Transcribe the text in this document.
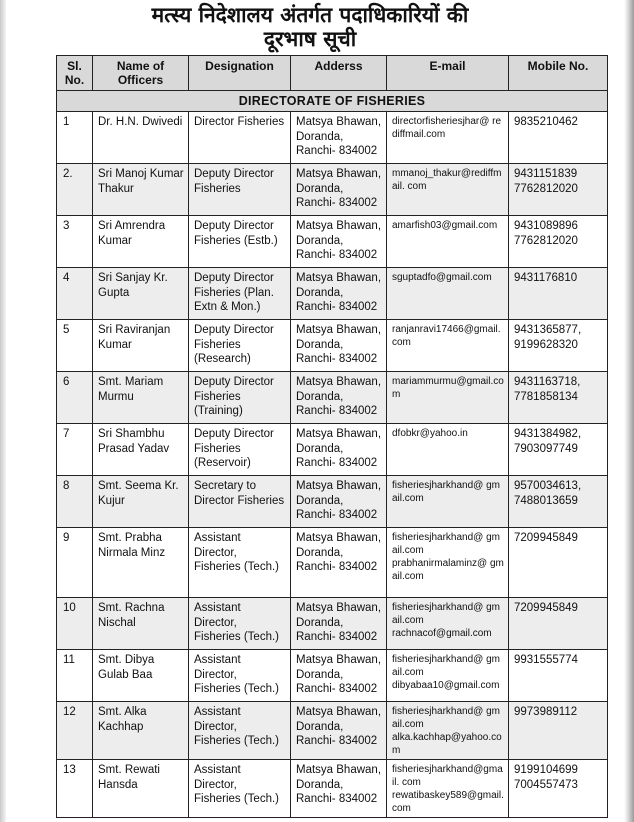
मत्स्य निदेशालय अंतर्गत पदाधिकारियों की
दूरभाष सूची
Sl. No.	Name of Officers	Designation	Adderss	E-mail	Mobile No.
DIRECTORATE OF FISHERIES					
1	Dr. H.N. Dwivedi	Director Fisheries	Matsya Bhawan, Doranda, Ranchi- 834002	directorfisheriesjhar@ rediffmail.com	9835210462

2.	Sri Manoj Kumar Thakur	Deputy Director Fisheries	Matsya Bhawan, Doranda, Ranchi- 834002	mmanoj_thakur@rediffmail. com	9431151839
7762812020

3	Sri Amrendra Kumar	Deputy Director Fisheries (Estb.)	Matsya Bhawan, Doranda, Ranchi- 834002	amarfish03@gmail.com	9431089896
7762812020

4	Sri Sanjay Kr. Gupta	Deputy Director Fisheries (Plan. Extn & Mon.)	Matsya Bhawan, Doranda, Ranchi- 834002	sguptadfo@gmail.com	9431176810

5	Sri Raviranjan Kumar	Deputy Director Fisheries (Research)	Matsya Bhawan, Doranda, Ranchi- 834002	ranjanravi17466@gmail. com	9431365877,
9199628320

6	Smt. Mariam Murmu	Deputy Director Fisheries (Training)	Matsya Bhawan, Doranda, Ranchi- 834002	mariammurmu@gmail.com	9431163718,
7781858134

7	Sri Shambhu Prasad Yadav	Deputy Director Fisheries (Reservoir)	Matsya Bhawan, Doranda, Ranchi- 834002	dfobkr@yahoo.in	9431384982,
7903097749

8	Smt. Seema Kr. Kujur	Secretary to Director Fisheries	Matsya Bhawan, Doranda, Ranchi- 834002	fisheriesjharkhand@ gmail.com	9570034613,
7488013659

9	Smt. Prabha Nirmala Minz	Assistant Director, Fisheries (Tech.)	Matsya Bhawan, Doranda, Ranchi- 834002	fisheriesjharkhand@ gmail.com
prabhanirmalaminz@ gmail.com	7209945849

10	Smt. Rachna Nischal	Assistant Director, Fisheries (Tech.)	Matsya Bhawan, Doranda, Ranchi- 834002	fisheriesjharkhand@ gmail.com
rachnacof@gmail.com	7209945849

11	Smt. Dibya Gulab Baa	Assistant Director, Fisheries (Tech.)	Matsya Bhawan, Doranda, Ranchi- 834002	fisheriesjharkhand@ gmail.com
dibyabaa10@gmail.com	9931555774

12	Smt. Alka Kachhap	Assistant Director, Fisheries (Tech.)	Matsya Bhawan, Doranda, Ranchi- 834002	fisheriesjharkhand@ gmail.com
alka.kachhap@yahoo.com	9973989112

13	Smt. Rewati Hansda	Assistant Director, Fisheries (Tech.)	Matsya Bhawan, Doranda, Ranchi- 834002	fisheriesjharkhand@gmail. com
rewatibaskey589@gmail.com	9199104699
7004557473
